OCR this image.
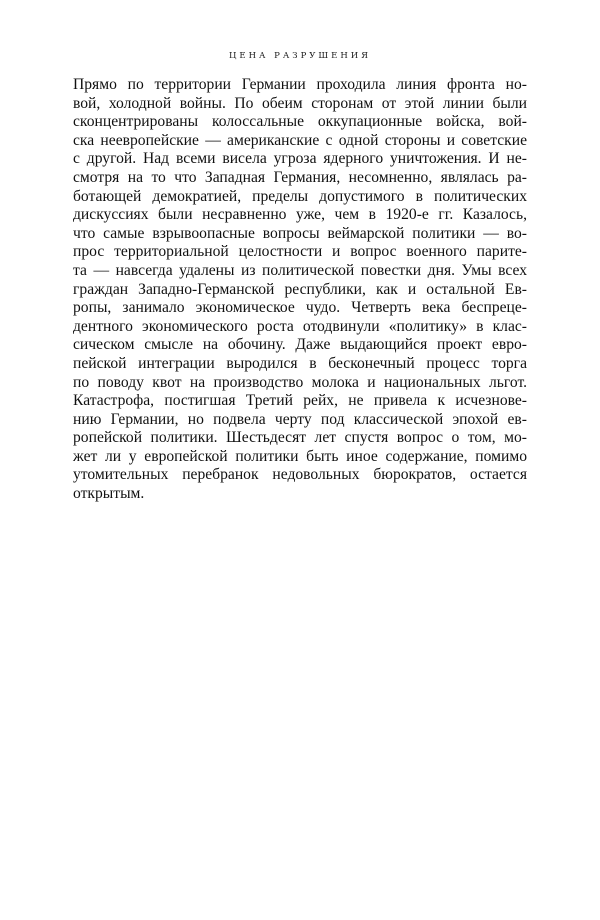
ЦЕНА РАЗРУШЕНИЯ
Прямо по территории Германии проходила линия фронта но-
вой, холодной войны. По обеим сторонам от этой линии были
сконцентрированы колоссальные оккупационные войска, вой-
ска неевропейские — американские с одной стороны и советские
с другой. Над всеми висела угроза ядерного уничтожения. И не-
смотря на то что Западная Германия, несомненно, являлась ра-
ботающей демократией, пределы допустимого в политических
дискуссиях были несравненно уже, чем в 1920-е гг. Казалось,
что самые взрывоопасные вопросы веймарской политики — во-
прос территориальной целостности и вопрос военного парите-
та — навсегда удалены из политической повестки дня. Умы всех
граждан Западно-Германской республики, как и остальной Ев-
ропы, занимало экономическое чудо. Четверть века беспреце-
дентного экономического роста отодвинули «политику» в клас-
сическом смысле на обочину. Даже выдающийся проект евро-
пейской интеграции выродился в бесконечный процесс торга
по поводу квот на производство молока и национальных льгот.
Катастрофа, постигшая Третий рейх, не привела к исчезнове-
нию Германии, но подвела черту под классической эпохой ев-
ропейской политики. Шестьдесят лет спустя вопрос о том, мо-
жет ли у европейской политики быть иное содержание, помимо
утомительных перебранок недовольных бюрократов, остается
открытым.
